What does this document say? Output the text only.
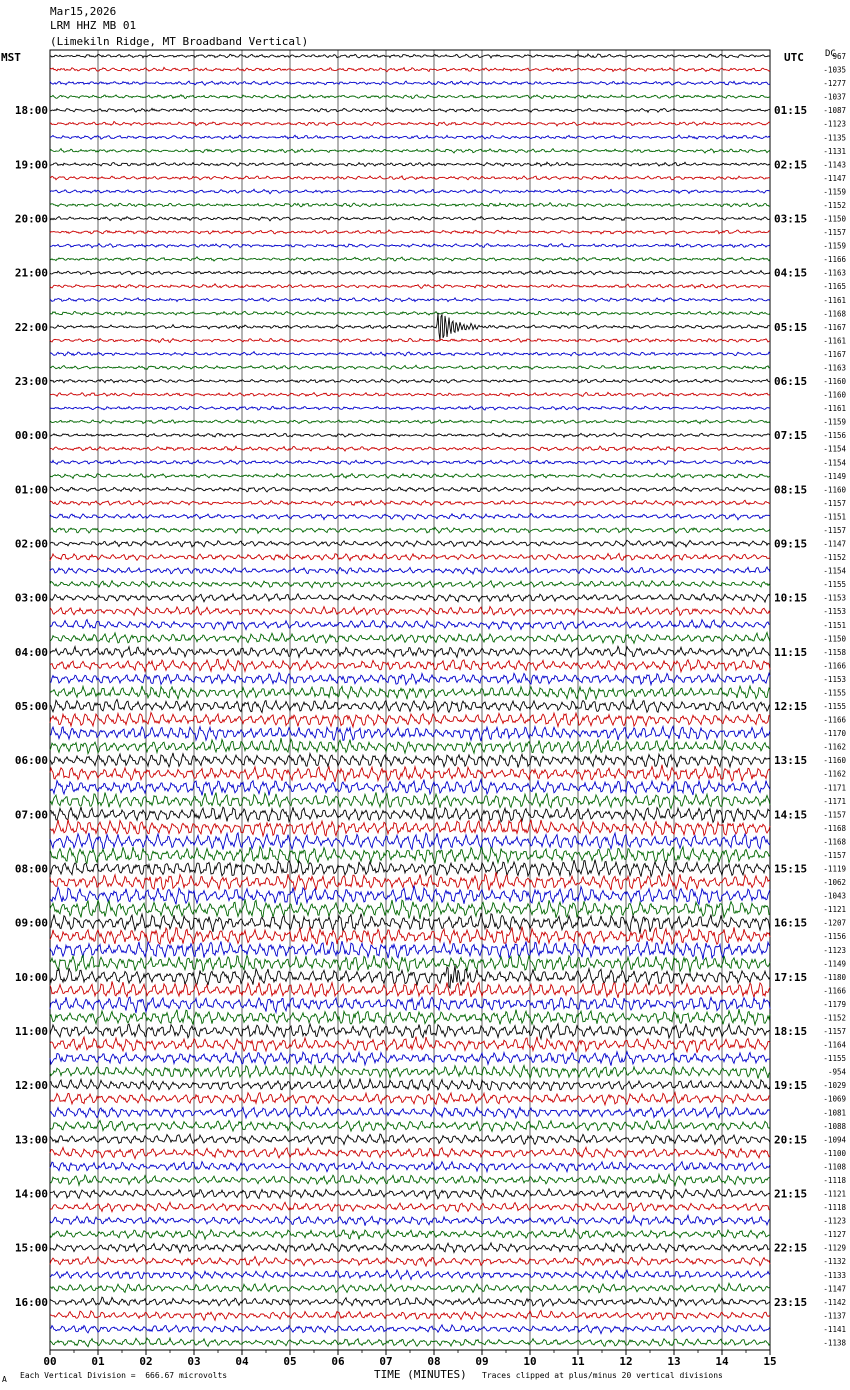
Mar15,2026
LRM HHZ MB 01
(Limekiln Ridge, MT Broadband Vertical)
MST	UTC DC
00	01	02	03	04	05	06	07	08	09	10	11	12	13	14	15
967
-1035
-1277
-1037
-1087
18:00	01:15
-1123
-1135
-1131
-1143
19:00	02:15
-1147
-1159
-1152
-1150
20:00	03:15
-1157
-1159
-1166
-1163
21:00	04:15
-1165
-1161
-1168
-1167
22:00	05:15
-1161
-1167
-1163
-1160
23:00	06:15
-1160
-1161
-1159
-1156
00:00	07:15
-1154
-1154
-1149
-1160
01:00	08:15
-1157
-1151
-1157
-1147
02:00	09:15
-1152
-1154
-1155
-1153
03:00	10:15
-1153
-1151
-1150
-1158
04:00	11:15
-1166
-1153
-1155
-1155
05:00	12:15
-1166
-1170
-1162
-1160
06:00	13:15
-1162
-1171
-1171
-1157
07:00	14:15
-1168
-1168
-1157
-1119
08:00	15:15
-1062
-1043
-1121
-1207
09:00	16:15
-1156
-1123
-1149
-1180
10:00	17:15
-1166
-1179
-1152
-1157
11:00	18:15
-1164
-1155
-954
-1029
12:00	19:15
-1069
-1081
-1088
-1094
13:00	20:15
-1100
-1108
-1118
-1121
14:00	21:15
-1118
-1123
-1127
-1129
15:00	22:15
-1132
-1133
-1147
-1142
16:00	23:15
-1137
-1141
-1138
TIME (MINUTES)
A Each Vertical Division =  666.67 microvolts	Traces clipped at plus/minus 20 vertical divisions
